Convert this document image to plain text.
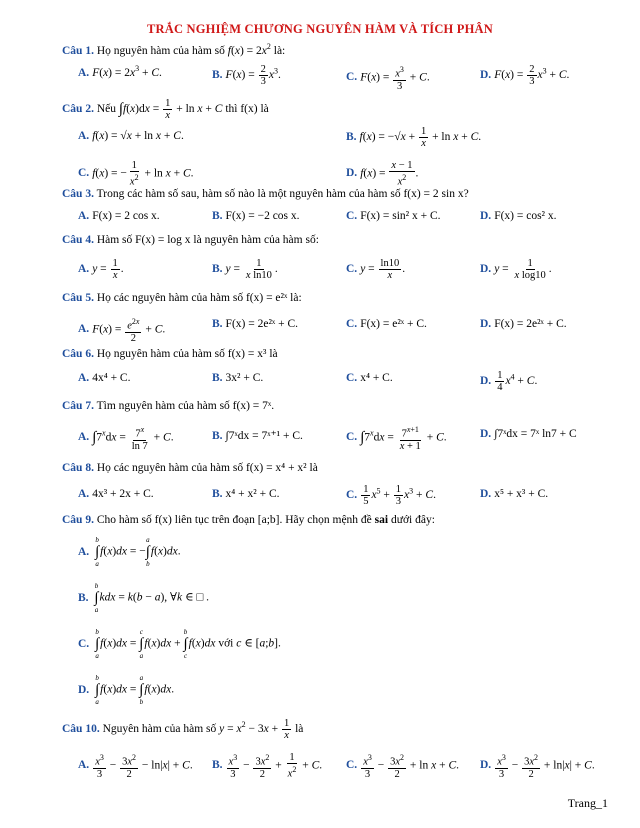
TRẮC NGHIỆM CHƯƠNG NGUYÊN HÀM VÀ TÍCH PHÂN
Câu 1. Họ nguyên hàm của hàm số $f(x) = 2x^2$ là:
A. $F(x) = 2x^3 + C$.	B. $F(x) = \frac{2}{3} x^3$.	C. $F(x) = \frac{x^3}{3} + C$.	D. $F(x) = \frac{2}{3} x^3 + C$.
Câu 2. Nếu $\int f(x)dx = \frac{1}{x} + \ln x + C$ thì f(x) là
A. f(x) = √x + ln x + C.	B. $f(x) = -√x + \frac{1}{x} + \ln x + C$.
C. f(x) = − $\frac{1}{x^2} + \ln x + C$.	D. $f(x) = \frac{x - 1}{x^2}$ .
Câu 3. Trong các hàm số sau, hàm số nào là một nguyên hàm của hàm số f(x) = 2 sin x?
A. F(x) = 2 cos x.	B. F(x) = −2 cos x.	C. F(x) = sin² x + C.	D. F(x) = cos² x.
Câu 4. Hàm số F(x) = log x là nguyên hàm của hàm số:
A. $y = \frac{1}{x}$ .	B. $y = \frac{1}{\text{x ln10}}$ .	C. $y = \frac{\ln 10}{x}$ .	D. $y = \frac{1}{\text{x log10}}$ .
Câu 5. Họ các nguyên hàm của hàm số f(x) = e²ˣ là:
A. $F(x) = \frac{e^{2x}}{2} + C$.	B. F(x) = 2e²ˣ + C.	C. F(x) = e²ˣ + C.	D. F(x) = 2e²ˣ + C.
Câu 6. Họ nguyên hàm của hàm số f(x) = x³ là
A. 4x⁴ + C.	B. 3x² + C.	C. x⁴ + C.	D. $\frac{1}{4} x^4 + C$.
Câu 7. Tìm nguyên hàm của hàm số f(x) = 7ˣ.
A. $\int 7^xdx = \frac{7^x}{\ln 7} + C$.	B. ∫7ˣdx = 7ˣ⁺¹ + C.	C. $\int 7^xdx = \frac{7^{x+1}}{x + 1} + C$.	D. ∫7ˣdx = 7ˣ ln7 + C
Câu 8. Họ các nguyên hàm của hàm số f(x) = x⁴ + x² là
A. 4x³ + 2x + C.	B. x⁴ + x² + C.	C. $\frac{1}{5} x^5 + \frac{1}{3} x^3 + C$.	D. x⁵ + x³ + C.
Câu 9. Cho hàm số f(x) liên tục trên đoạn [a;b]. Hãy chọn mệnh đề sai dưới đây:
A.
b
∫
a
f(x)dx = −
a
∫
b
f(x)dx.
B.
b
∫
a
kdx = k(b − a), ∀k ∈ □ .
C.
b
∫
a
f(x)dx =
c
∫
a
f(x)dx +
b
∫
c
f(x)dx với c ∈ [a;b].
D.
b
∫
a
f(x)dx =
a
∫
b
f(x)dx.
Câu 10. Nguyên hàm của hàm số $y = x^2 - 3x + \frac{1}{x}$ là
A. $\frac{x^3}{3} - \frac{3x^2}{2} - \ln|x| + C$. B. $\frac{x^3}{3} - \frac{3x^2}{2} + \frac{1}{x^2} + C$. C. $\frac{x^3}{3} - \frac{3x^2}{2} + \ln x + C$. D. $\frac{x^3}{3} - \frac{3x^2}{2} + \ln|x| + C$.
Trang_1
